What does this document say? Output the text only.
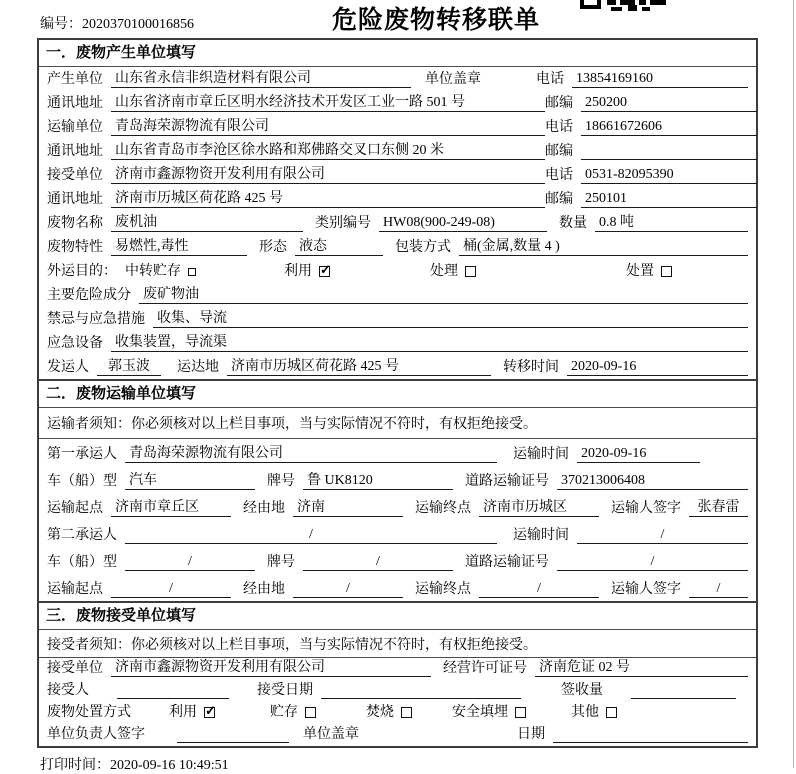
编号：2020370100016856	危险废物转移联单
一．废物产生单位填写
产生单位 山东省永信非织造材料有限公司	单位盖章	电话 13854169160
通讯地址 山东省济南市章丘区明水经济技术开发区工业一路 501 号	邮编 250200
运输单位 青岛海荣源物流有限公司	电话 18661672606
通讯地址 山东省青岛市李沧区徐水路和郑佛路交叉口东侧 20 米	邮编
接受单位 济南市鑫源物资开发利用有限公司	电话 0531-82095390
通讯地址 济南市历城区荷花路 425 号	邮编 250101
废物名称 废机油	类别编号 HW08(900-249-08)	数量 0.8 吨
废物特性 易燃性,毒性	形态 液态	包装方式 桶(金属,数量 4 )
外运目的： 中转贮存	利用 ✓	处理	处置
主要危险成分 废矿物油
禁忌与应急措施 收集、导流
应急设备 收集装置，导流渠
发运人	郭玉波	运达地 济南市历城区荷花路 425 号	转移时间 2020-09-16
二．废物运输单位填写
运输者须知：你必须核对以上栏目事项，当与实际情况不符时，有权拒绝接受。
第一承运人 青岛海荣源物流有限公司	运输时间 2020-09-16
车（船）型 汽车	牌号 鲁 UK8120	道路运输证号 370213006408
运输起点 济南市章丘区	经由地 济南	运输终点 济南市历城区	运输人签字	张春雷
第二承运人	/	运输时间	/
车（船）型	/	牌号	/	道路运输证号	/
运输起点	/	经由地	/	运输终点	/	运输人签字	/
三．废物接受单位填写
接受者须知：你必须核对以上栏目事项，当与实际情况不符时，有权拒绝接受。
接受单位 济南市鑫源物资开发利用有限公司	经营许可证号 济南危证 02 号
接受人	接受日期	签收量
废物处置方式	利用 ✓	贮存	焚烧	安全填埋	其他
单位负责人签字	单位盖章	日期
打印时间：2020-09-16 10:49:51
